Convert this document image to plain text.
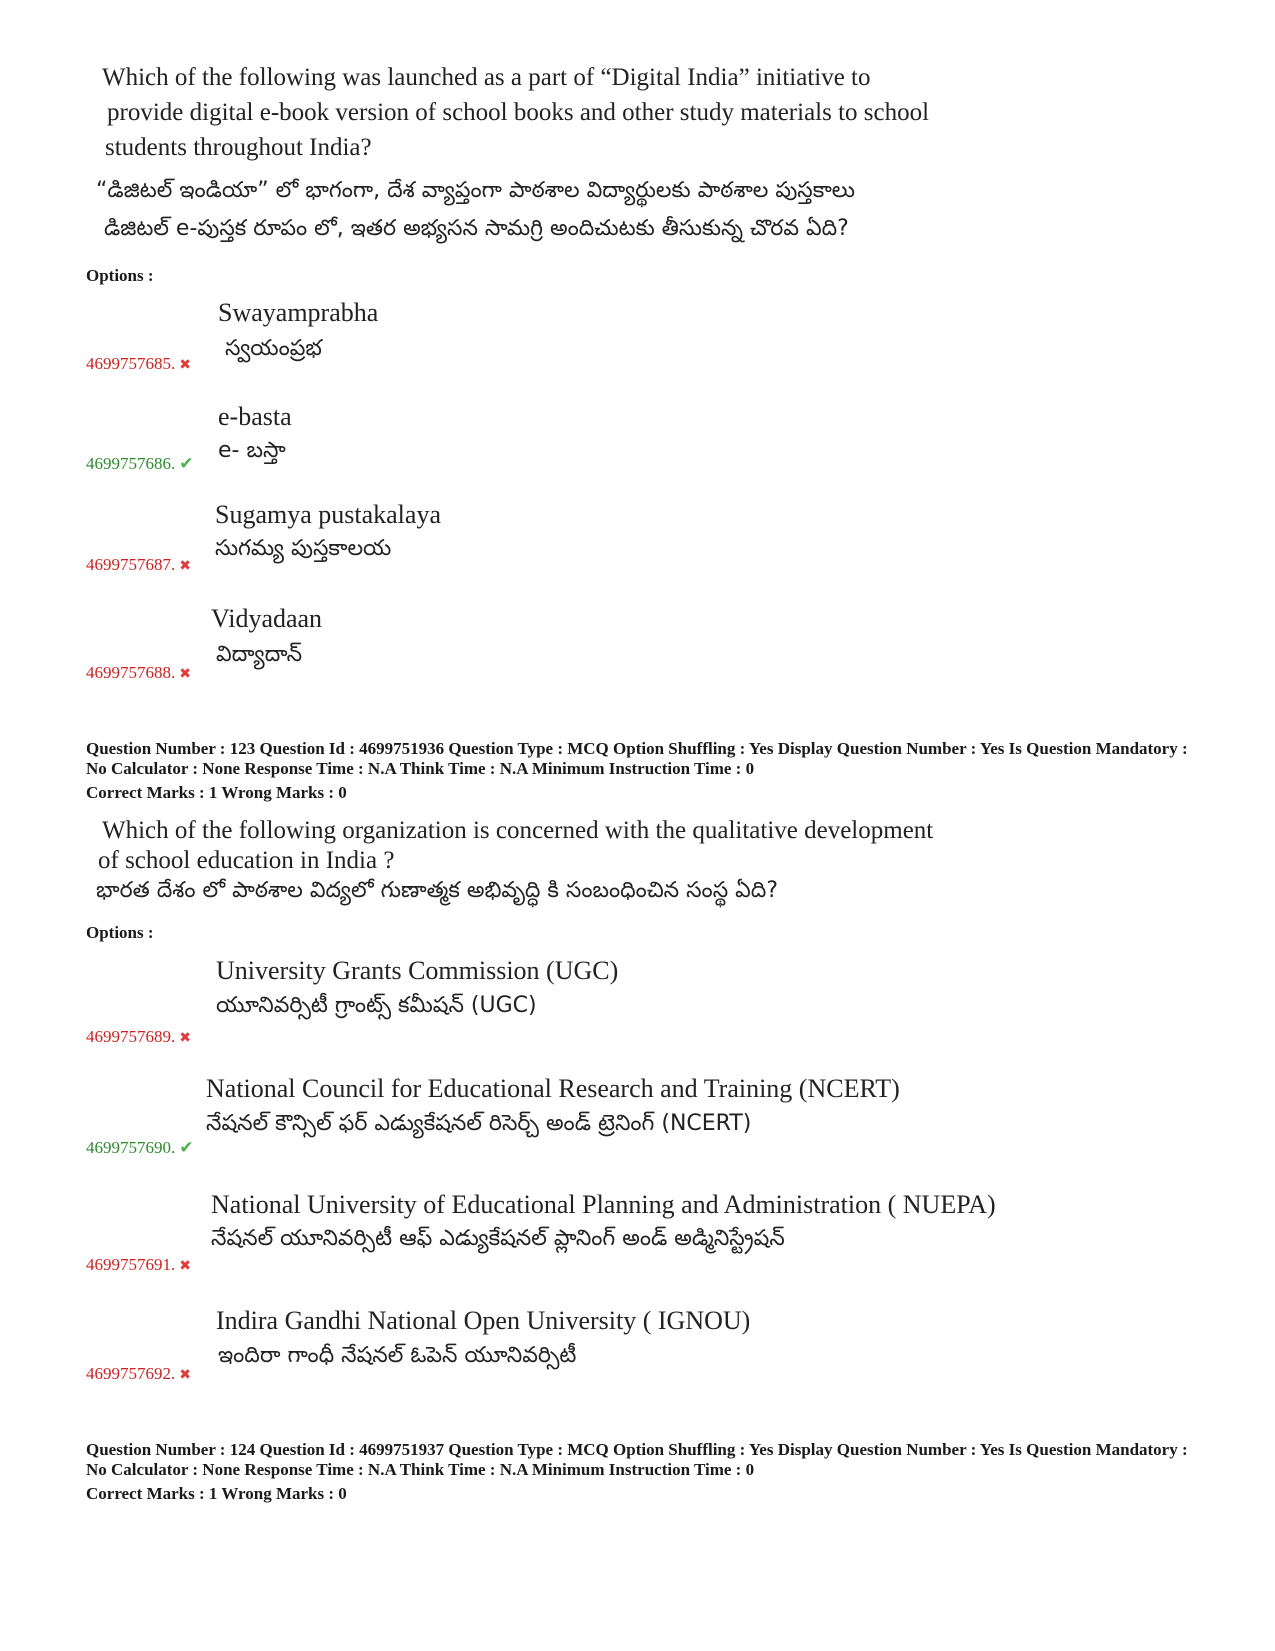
Which of the following was launched as a part of “Digital India” initiative to
provide digital e-book version of school books and other study materials to school
students throughout India?
“డిజిటల్ ఇండియా” లో భాగంగా, దేశ వ్యాప్తంగా పాఠశాల విద్యార్థులకు పాఠశాల పుస్తకాలు
డిజిటల్ e-పుస్తక రూపం లో, ఇతర అభ్యసన సామగ్రి అందిచుటకు తీసుకున్న చొరవ ఏది?
Options :
Swayamprabha
స్వయంప్రభ
4699757685. ✖
e-basta
e- బస్తా
4699757686. ✔
Sugamya pustakalaya
సుగమ్య పుస్తకాలయ
4699757687. ✖
Vidyadaan
విద్యాదాన్
4699757688. ✖
Question Number : 123 Question Id : 4699751936 Question Type : MCQ Option Shuffling : Yes Display Question Number : Yes Is Question Mandatory : No Calculator : None Response Time : N.A Think Time : N.A Minimum Instruction Time : 0
Correct Marks : 1 Wrong Marks : 0
Which of the following organization is concerned with the qualitative development
of school education in India ?
భారత దేశం లో పాఠశాల విద్యలో గుణాత్మక అభివృద్ధి కి సంబంధించిన సంస్థ ఏది?
Options :
University Grants Commission (UGC)
యూనివర్సిటీ గ్రాంట్స్ కమీషన్ (UGC)
4699757689. ✖
National Council for Educational Research and Training (NCERT)
నేషనల్ కౌన్సిల్ ఫర్ ఎడ్యుకేషనల్ రిసెర్చ్ అండ్ ట్రెనింగ్ (NCERT)
4699757690. ✔
National University of Educational Planning and Administration ( NUEPA)
నేషనల్ యూనివర్సిటీ ఆఫ్ ఎడ్యుకేషనల్ ప్లానింగ్ అండ్ అడ్మినిస్ట్రేషన్
4699757691. ✖
Indira Gandhi National Open University ( IGNOU)
ఇందిరా గాంధీ నేషనల్ ఓపెన్ యూనివర్సిటీ
4699757692. ✖
Question Number : 124 Question Id : 4699751937 Question Type : MCQ Option Shuffling : Yes Display Question Number : Yes Is Question Mandatory : No Calculator : None Response Time : N.A Think Time : N.A Minimum Instruction Time : 0
Correct Marks : 1 Wrong Marks : 0
